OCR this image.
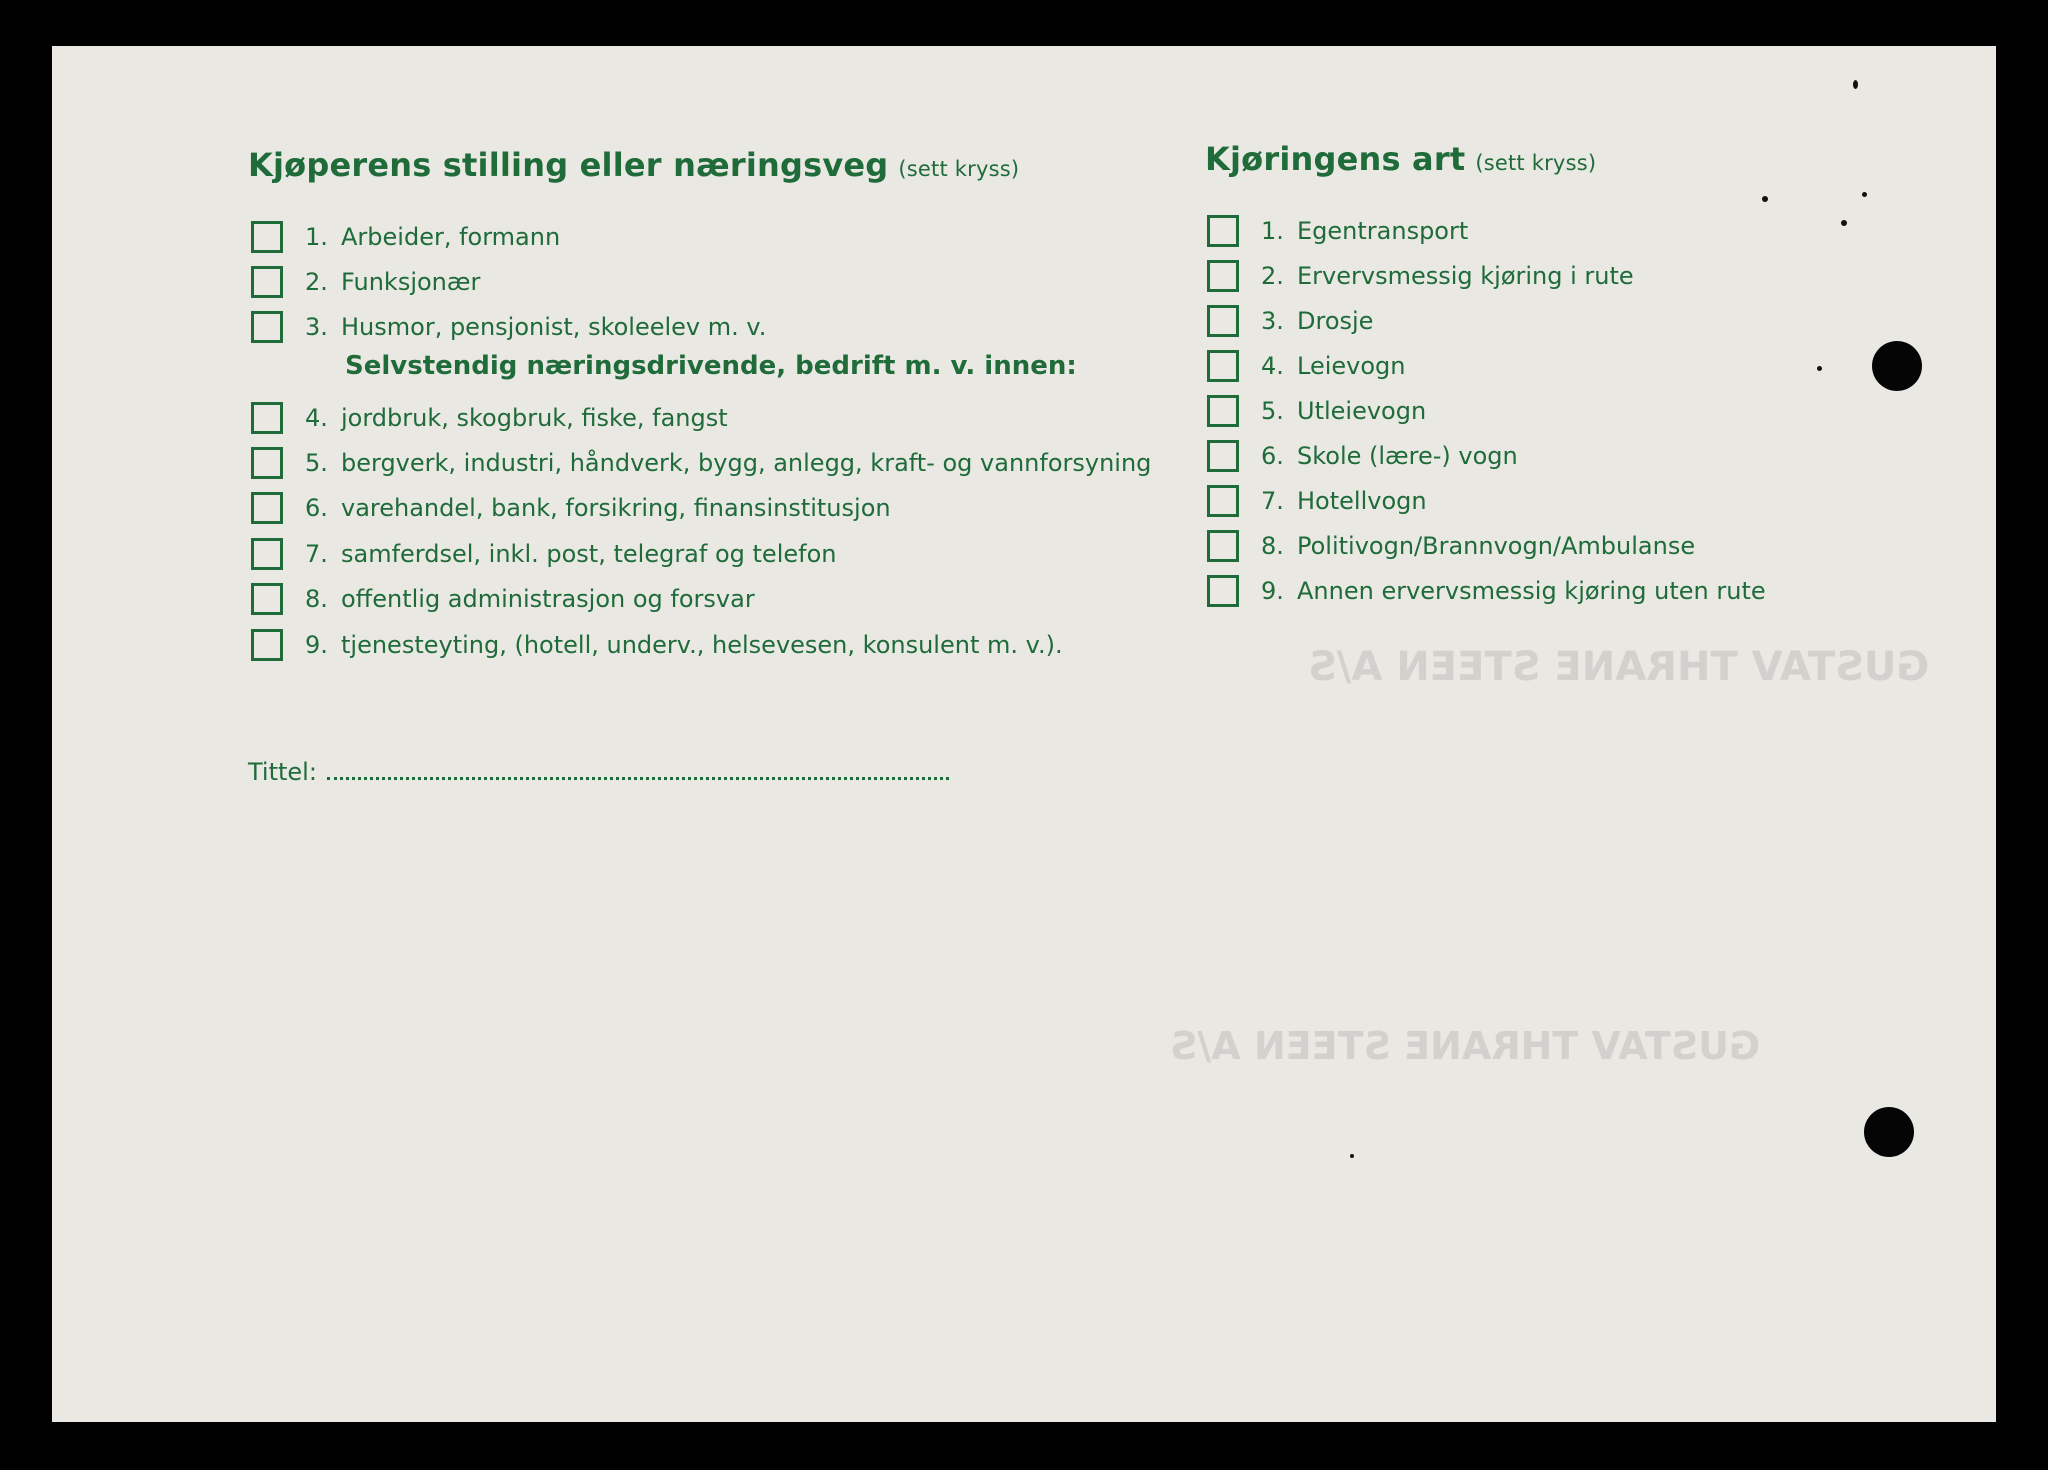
GUSTAV THRANE STEEN A/S
GUSTAV THRANE STEEN A/S
Kjøperens stilling eller næringsveg (sett kryss)
1. Arbeider, formann
2. Funksjonær
3. Husmor, pensjonist, skoleelev m. v.
Selvstendig næringsdrivende, bedrift m. v. innen:
4. jordbruk, skogbruk, fiske, fangst
5. bergverk, industri, håndverk, bygg, anlegg, kraft- og vannforsyning
6. varehandel, bank, forsikring, finansinstitusjon
7. samferdsel, inkl. post, telegraf og telefon
8. offentlig administrasjon og forsvar
9. tjenesteyting, (hotell, underv., helsevesen, konsulent m. v.).
Tittel:
Kjøringens art (sett kryss)
1. Egentransport
2. Ervervsmessig kjøring i rute
3. Drosje
4. Leievogn
5. Utleievogn
6. Skole (lære-) vogn
7. Hotellvogn
8. Politivogn/Brannvogn/Ambulanse
9. Annen ervervsmessig kjøring uten rute
